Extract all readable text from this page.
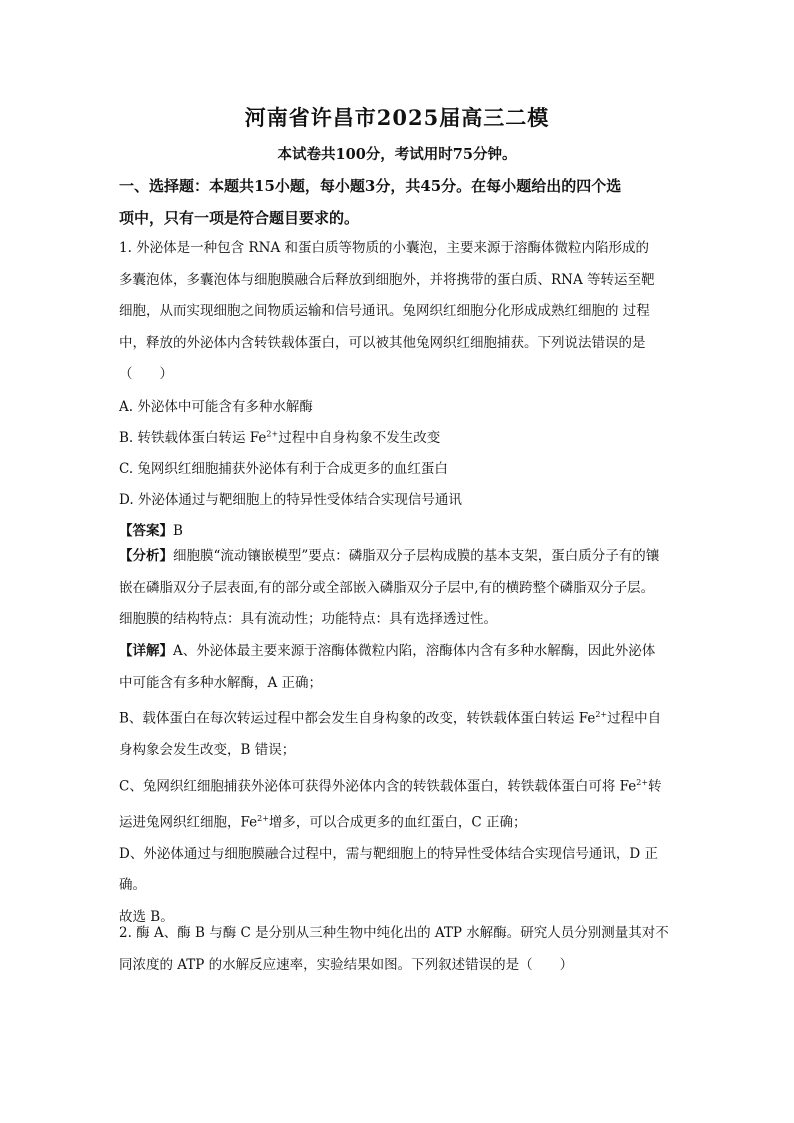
河南省许昌市2025届高三二模
本试卷共100分，考试用时75分钟。
一、选择题：本题共15小题，每小题3分，共45分。在每小题给出的四个选
项中，只有一项是符合题目要求的。
1. 外泌体是一种包含 RNA 和蛋白质等物质的小囊泡，主要来源于溶酶体微粒内陷形成的
多囊泡体，多囊泡体与细胞膜融合后释放到细胞外，并将携带的蛋白质、RNA 等转运至靶
细胞，从而实现细胞之间物质运输和信号通讯。兔网织红细胞分化形成成熟红细胞的 过程
中，释放的外泌体内含转铁载体蛋白，可以被其他兔网织红细胞捕获。下列说法错误的是
（　　）
A. 外泌体中可能含有多种水解酶
B. 转铁载体蛋白转运 $Fe^{2+}$过程中自身构象不发生改变
C. 兔网织红细胞捕获外泌体有利于合成更多的血红蛋白
D. 外泌体通过与靶细胞上的特异性受体结合实现信号通讯
【答案】B
【分析】细胞膜“流动镶嵌模型”要点：磷脂双分子层构成膜的基本支架，蛋白质分子有的镶
嵌在磷脂双分子层表面,有的部分或全部嵌入磷脂双分子层中,有的横跨整个磷脂双分子层。
细胞膜的结构特点：具有流动性；功能特点：具有选择透过性。
【详解】A、外泌体最主要来源于溶酶体微粒内陷，溶酶体内含有多种水解酶，因此外泌体
中可能含有多种水解酶，A 正确；
B、载体蛋白在每次转运过程中都会发生自身构象的改变，转铁载体蛋白转运 $Fe^{2+}$过程中自
身构象会发生改变，B 错误；
C、兔网织红细胞捕获外泌体可获得外泌体内含的转铁载体蛋白，转铁载体蛋白可将 $Fe^{2+}$转
运进兔网织红细胞，$Fe^{2+}$增多，可以合成更多的血红蛋白，C 正确；
D、外泌体通过与细胞膜融合过程中，需与靶细胞上的特异性受体结合实现信号通讯，D 正
确。
故选 B。
2. 酶 A、酶 B 与酶 C 是分别从三种生物中纯化出的 ATP 水解酶。研究人员分别测量其对不
同浓度的 ATP 的水解反应速率，实验结果如图。下列叙述错误的是（　　）
